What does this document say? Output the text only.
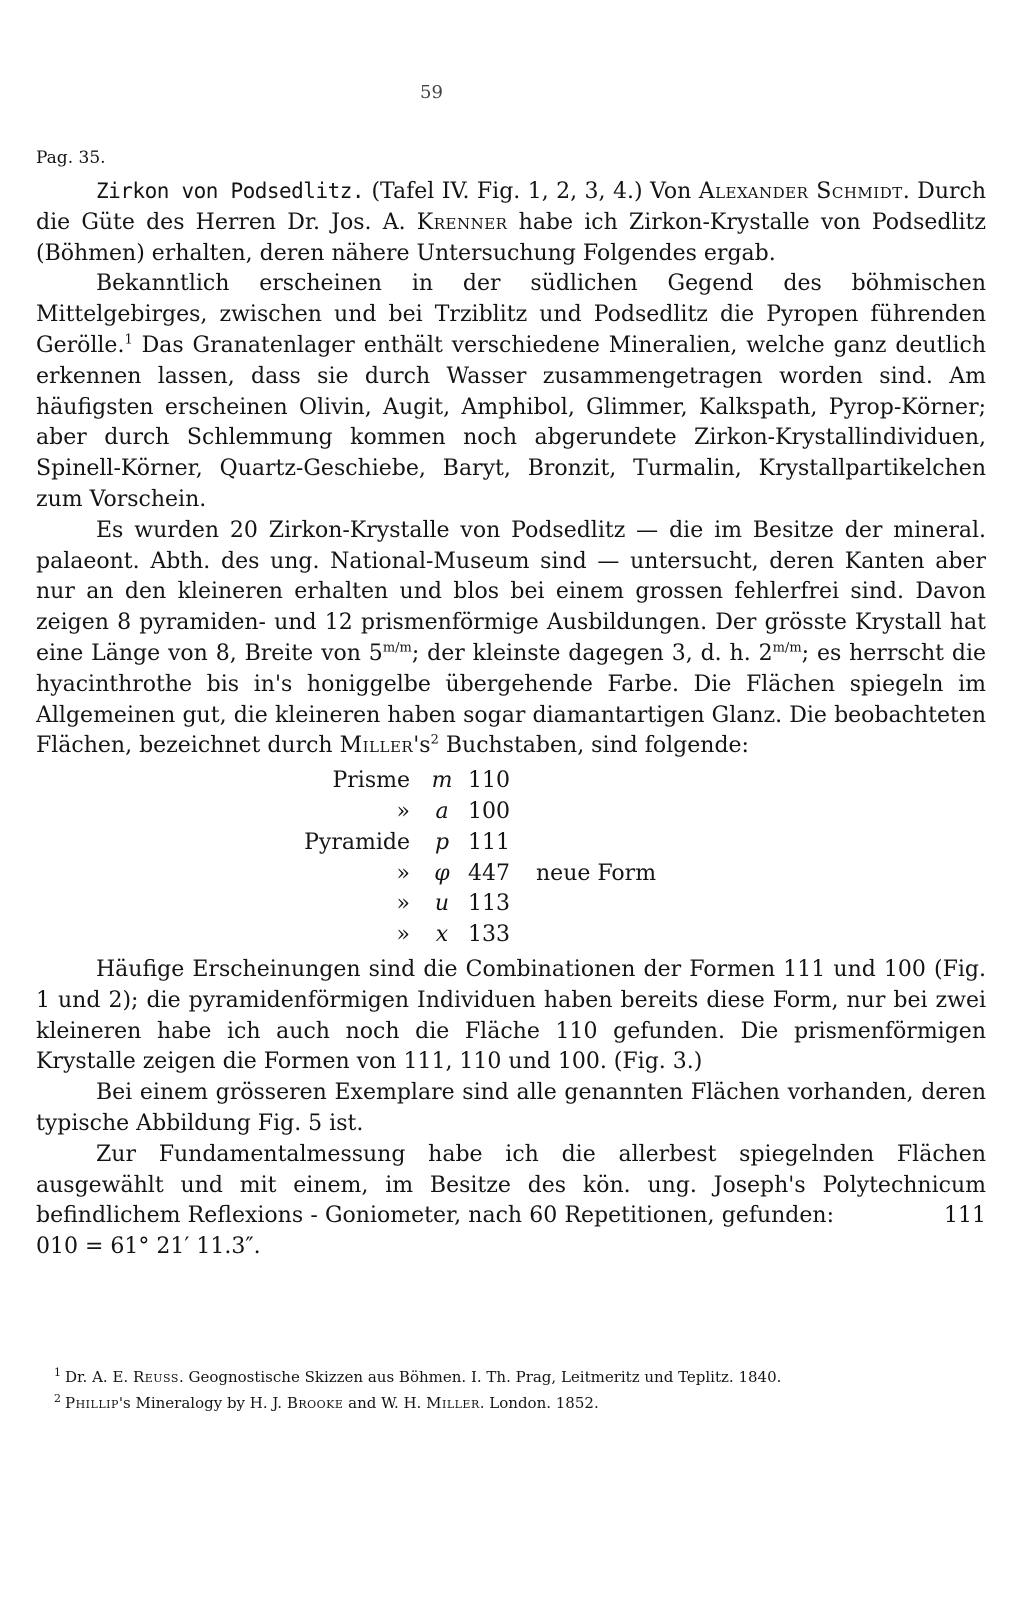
59
Pag. 35.

Zirkon von Podsedlitz. (Tafel IV. Fig. 1, 2, 3, 4.) Von Alexander Schmidt. Durch die Güte des Herren Dr. Jos. A. Krenner habe ich Zirkon-Krystalle von Podsedlitz (Böhmen) erhalten, deren nähere Untersuchung Folgendes ergab.

Bekanntlich erscheinen in der südlichen Gegend des böhmischen Mittelgebirges, zwischen und bei Trziblitz und Podsedlitz die Pyropen führenden Gerölle.$^1$ Das Granatenlager enthält verschiedene Mineralien, welche ganz deutlich erkennen lassen, dass sie durch Wasser zusammengetragen worden sind. Am häufigsten erscheinen Olivin, Augit, Amphibol, Glimmer, Kalkspath, Pyrop-Körner; aber durch Schlemmung kommen noch abgerundete Zirkon-Krystallindividuen, Spinell-Körner, Quartz-Geschiebe, Baryt, Bronzit, Turmalin, Krystallpartikelchen zum Vorschein.

Es wurden 20 Zirkon-Krystalle von Podsedlitz — die im Besitze der mineral. palaeont. Abth. des ung. National-Museum sind — untersucht, deren Kanten aber nur an den kleineren erhalten und blos bei einem grossen fehlerfrei sind. Davon zeigen 8 pyramiden- und 12 prismenförmige Ausbildungen. Der grösste Krystall hat eine Länge von 8, Breite von $5^{m/m}$; der kleinste dagegen 3, d. h. $2^{m/m}$; es herrscht die hyacinthrothe bis in's honiggelbe übergehende Farbe. Die Flächen spiegeln im Allgemeinen gut, die kleineren haben sogar diamantartigen Glanz. Die beobachteten Flächen, bezeichnet durch $Miller's^2$ Buchstaben, sind folgende:

Prisme	m	110	
»	a	100	
Pyramide	p	111	
»	φ	447	neue Form
»	u	113	
»	x	133	

Häufige Erscheinungen sind die Combinationen der Formen 111 und 100 (Fig. 1 und 2); die pyramidenförmigen Individuen haben bereits diese Form, nur bei zwei kleineren habe ich auch noch die Fläche 110 gefunden. Die prismenförmigen Krystalle zeigen die Formen von 111, 110 und 100. (Fig. 3.)

Bei einem grösseren Exemplare sind alle genannten Flächen vorhanden, deren typische Abbildung Fig. 5 ist.

Zur Fundamentalmessung habe ich die allerbest spiegelnden Flächen ausgewählt und mit einem, im Besitze des kön. ung. Joseph's Polytechnicum befindlichem Reflexions - Goniometer, nach 60 Repetitionen, gefunden:	111 010 = 61° 21′ 11.3″.

$^1$ Dr. A. E. Reuss. Geognostische Skizzen aus Böhmen. I. Th. Prag, Leitmeritz und Teplitz. 1840.

$^2$ Phillip's Mineralogy by H. J. Brooke and W. H. Miller. London. 1852.
